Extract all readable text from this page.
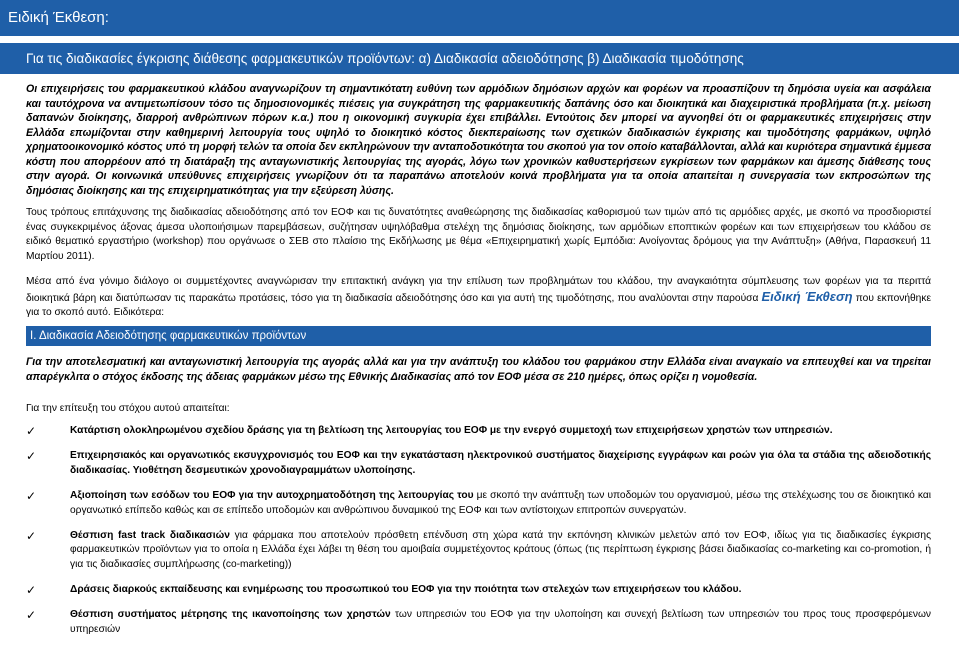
Ειδική Έκθεση:
Για τις διαδικασίες έγκρισης διάθεσης φαρμακευτικών προϊόντων: α) Διαδικασία αδειοδότησης β) Διαδικασία τιμοδότησης

Οι επιχειρήσεις του φαρμακευτικού κλάδου αναγνωρίζουν τη σημαντικότατη ευθύνη των αρμόδιων δημόσιων αρχών και φορέων να προασπίζουν τη δημόσια υγεία και ασφάλεια και ταυτόχρονα να αντιμετωπίσουν τόσο τις δημοσιονομικές πιέσεις για συγκράτηση της φαρμακευτικής δαπάνης όσο και διοικητικά και διαχειριστικά προβλήματα (π.χ. μείωση δαπανών διοίκησης, διαρροή ανθρώπινων πόρων κ.α.) που η οικονομική συγκυρία έχει επιβάλλει. Εντούτοις δεν μπορεί να αγνοηθεί ότι οι φαρμακευτικές επιχειρήσεις στην Ελλάδα επωμίζονται στην καθημερινή λειτουργία τους υψηλό το διοικητικό κόστος διεκπεραίωσης των σχετικών διαδικασιών έγκρισης και τιμοδότησης φαρμάκων, υψηλό χρηματοοικονομικό κόστος υπό τη μορφή τελών τα οποία δεν εκπληρώνουν την ανταποδοτικότητα του σκοπού για τον οποίο καταβάλλονται, αλλά και κυριότερα σημαντικά έμμεσα κόστη που απορρέουν από τη διατάραξη της ανταγωνιστικής λειτουργίας της αγοράς, λόγω των χρονικών καθυστερήσεων εγκρίσεων των φαρμάκων και άμεσης διάθεσης τους στην αγορά. Οι κοινωνικά υπεύθυνες επιχειρήσεις γνωρίζουν ότι τα παραπάνω αποτελούν κοινά προβλήματα για τα οποία απαιτείται η συνεργασία των εκπροσώπων της δημόσιας διοίκησης και της επιχειρηματικότητας για την εξεύρεση λύσης.

Τους τρόπους επιτάχυνσης της διαδικασίας αδειοδότησης από τον ΕΟΦ και τις δυνατότητες αναθεώρησης της διαδικασίας καθορισμού των τιμών από τις αρμόδιες αρχές, με σκοπό να προσδιοριστεί ένας συγκεκριμένος άξονας άμεσα υλοποιήσιμων παρεμβάσεων, συζήτησαν υψηλόβαθμα στελέχη της δημόσιας διοίκησης, των αρμόδιων εποπτικών φορέων και των επιχειρήσεων του κλάδου σε ειδικό θεματικό εργαστήριο (workshop) που οργάνωσε ο ΣΕΒ στο πλαίσιο της Εκδήλωσης με θέμα «Επιχειρηματική χωρίς Εμπόδια: Ανοίγοντας δρόμους για την Ανάπτυξη» (Αθήνα, Παρασκευή 11 Μαρτίου 2011).

Μέσα από ένα γόνιμο διάλογο οι συμμετέχοντες αναγνώρισαν την επιτακτική ανάγκη για την επίλυση των προβλημάτων του κλάδου, την αναγκαιότητα σύμπλευσης των φορέων για τα περιττά διοικητικά βάρη και διατύπωσαν τις παρακάτω προτάσεις, τόσο για τη διαδικασία αδειοδότησης όσο και για αυτή της τιμοδότησης, που αναλύονται στην παρούσα Ειδική Έκθεση που εκπονήθηκε για το σκοπό αυτό. Ειδικότερα:

Ι. Διαδικασία Αδειοδότησης φαρμακευτικών προϊόντων

Για την αποτελεσματική και ανταγωνιστική λειτουργία της αγοράς αλλά και για την ανάπτυξη του κλάδου του φαρμάκου στην Ελλάδα είναι αναγκαίο να επιτευχθεί και να τηρείται απαρέγκλιτα ο στόχος έκδοσης της άδειας φαρμάκων μέσω της Εθνικής Διαδικασίας από τον ΕΟΦ μέσα σε 210 ημέρες, όπως ορίζει η νομοθεσία.

Για την επίτευξη του στόχου αυτού απαιτείται:
✓	Κατάρτιση ολοκληρωμένου σχεδίου δράσης για τη βελτίωση της λειτουργίας του ΕΟΦ με την ενεργό συμμετοχή των επιχειρήσεων χρηστών των υπηρεσιών.
✓	Επιχειρησιακός και οργανωτικός εκσυγχρονισμός του ΕΟΦ και την εγκατάσταση ηλεκτρονικού συστήματος διαχείρισης εγγράφων και ροών για όλα τα στάδια της αδειοδοτικής διαδικασίας. Υιοθέτηση δεσμευτικών χρονοδιαγραμμάτων υλοποίησης.
✓	Αξιοποίηση των εσόδων του ΕΟΦ για την αυτοχρηματοδότηση της λειτουργίας του με σκοπό την ανάπτυξη των υποδομών του οργανισμού, μέσω της στελέχωσης του σε διοικητικό και οργανωτικό επίπεδο καθώς και σε επίπεδο υποδομών και ανθρώπινου δυναμικού της ΕΟΦ και των αντίστοιχων επιτροπών συνεργατών.
✓	Θέσπιση fast track διαδικασιών για φάρμακα που αποτελούν πρόσθετη επένδυση στη χώρα κατά την εκπόνηση κλινικών μελετών από τον ΕΟΦ, ιδίως για τις διαδικασίες έγκρισης φαρμακευτικών προϊόντων για το οποία η Ελλάδα έχει λάβει τη θέση του αμοιβαία συμμετέχοντος κράτους (όπως (τις περίπτωση έγκρισης βάσει διαδικασίας co-marketing και co-promotion, ή για τις διαδικασίες συμπλήρωσης (co-marketing))
✓	Δράσεις διαρκούς εκπαίδευσης και ενημέρωσης του προσωπικού του ΕΟΦ για την ποιότητα των στελεχών των επιχειρήσεων του κλάδου.
✓	Θέσπιση συστήματος μέτρησης της ικανοποίησης των χρηστών των υπηρεσιών του ΕΟΦ για την υλοποίηση και συνεχή βελτίωση των υπηρεσιών του προς τους προσφερόμενων υπηρεσιών
